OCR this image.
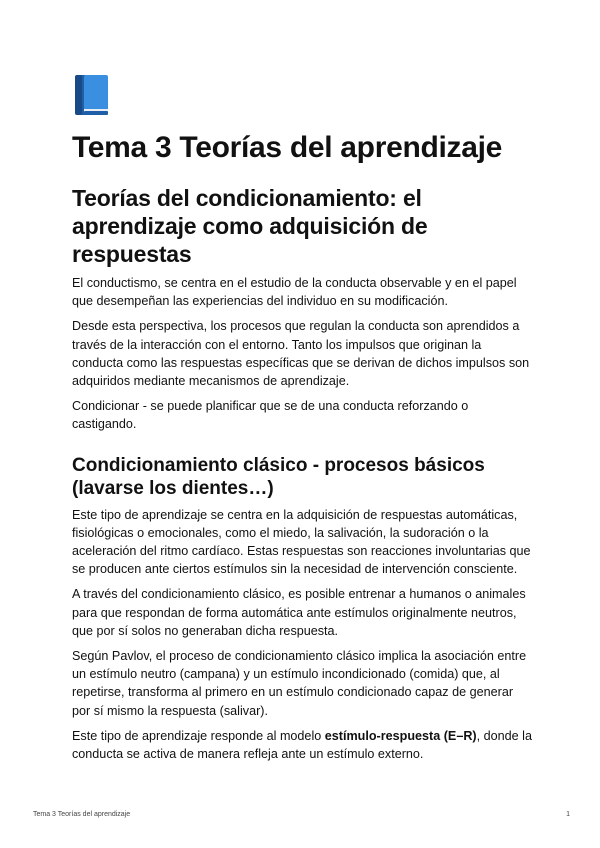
Tema 3 Teorías del aprendizaje
Teorías del condicionamiento: el aprendizaje como adquisición de respuestas

El conductismo, se centra en el estudio de la conducta observable y en el papel que desempeñan las experiencias del individuo en su modificación.

Desde esta perspectiva, los procesos que regulan la conducta son aprendidos a través de la interacción con el entorno. Tanto los impulsos que originan la conducta como las respuestas específicas que se derivan de dichos impulsos son adquiridos mediante mecanismos de aprendizaje.

Condicionar - se puede planificar que se de una conducta reforzando o castigando.

Condicionamiento clásico - procesos básicos (lavarse los dientes…)

Este tipo de aprendizaje se centra en la adquisición de respuestas automáticas, fisiológicas o emocionales, como el miedo, la salivación, la sudoración o la aceleración del ritmo cardíaco. Estas respuestas son reacciones involuntarias que se producen ante ciertos estímulos sin la necesidad de intervención consciente.

A través del condicionamiento clásico, es posible entrenar a humanos o animales para que respondan de forma automática ante estímulos originalmente neutros, que por sí solos no generaban dicha respuesta.

Según Pavlov, el proceso de condicionamiento clásico implica la asociación entre un estímulo neutro (campana) y un estímulo incondicionado (comida) que, al repetirse, transforma al primero en un estímulo condicionado capaz de generar por sí mismo la respuesta (salivar).

Este tipo de aprendizaje responde al modelo estímulo-respuesta (E–R), donde la conducta se activa de manera refleja ante un estímulo externo.

Tema 3 Teorías del aprendizaje	1
